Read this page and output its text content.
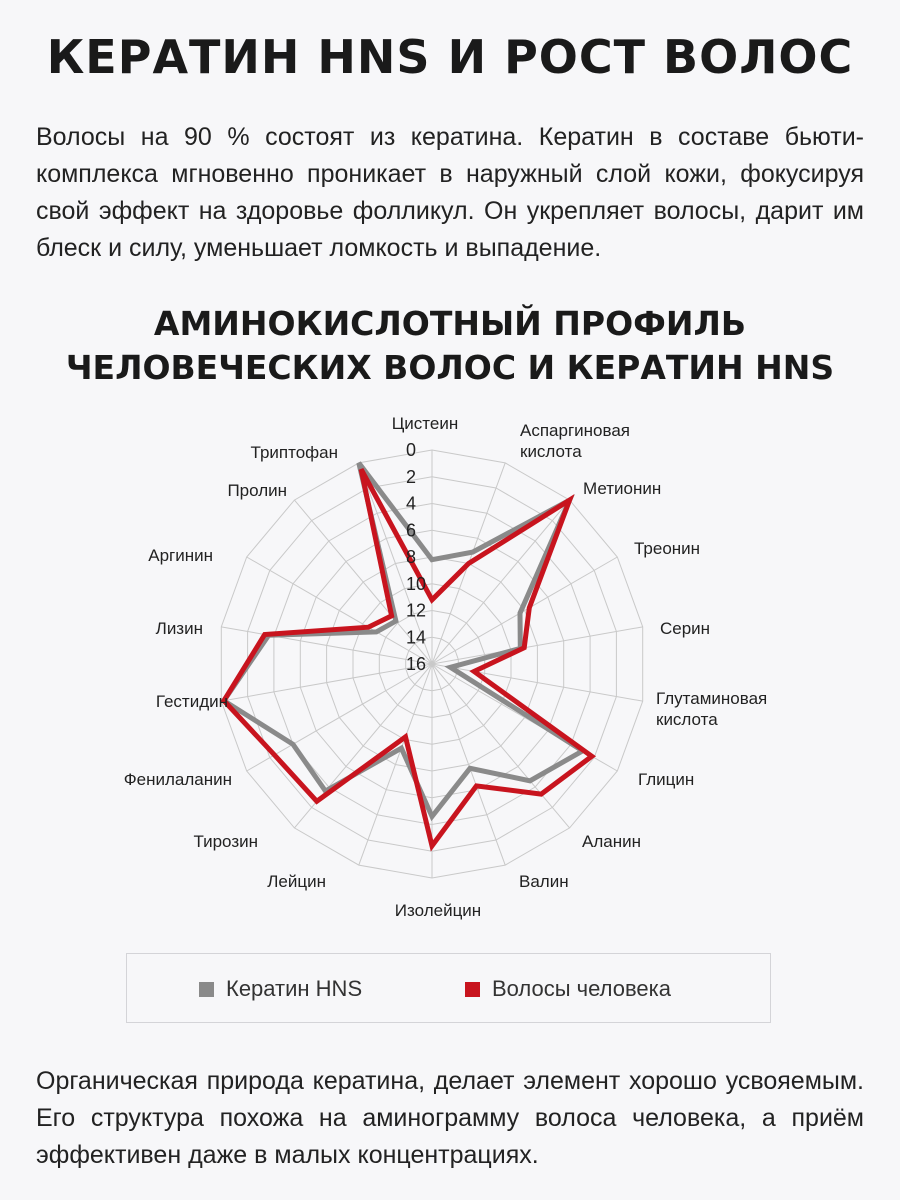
КЕРАТИН HNS И РОСТ ВОЛОС
Волосы на 90 % состоят из кератина. Кератин в составе бьюти-комплекса мгновенно проникает в наружный слой кожи, фокусируя свой эффект на здоровье фолликул. Он укрепляет волосы, дарит им блеск и силу, уменьшает ломкость и выпадение.
АМИНОКИСЛОТНЫЙ ПРОФИЛЬ
ЧЕЛОВЕЧЕСКИХ ВОЛОС И КЕРАТИН HNS
0
2
4
6
8
10
12
14
16
Цистеин	Аспаргиновая кислота
Метионин
Треонин
Серин
Глутаминовая кислота
Глицин
Аланин
Валин
Изолейцин
Лейцин
Тирозин
Фенилаланин
Гестидин
Лизин
Аргинин
Пролин
Триптофан
Кератин HNS	Волосы человека
Органическая природа кератина, делает элемент хорошо усвояемым. Его структура похожа на аминограмму волоса человека, а приём эффективен даже в малых концентрациях.
